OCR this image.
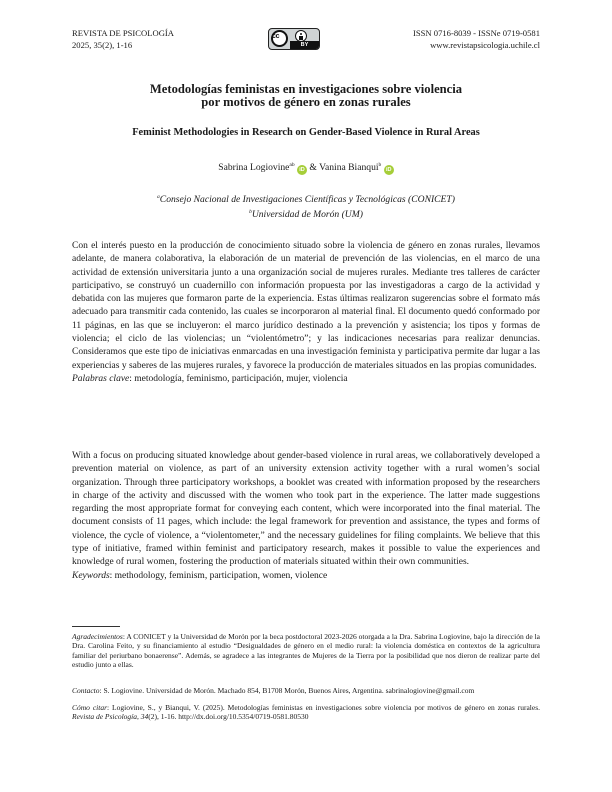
REVISTA DE PSICOLOGÍA
2025, 35(2), 1-16
cc
BY
ISSN 0716-8039 - ISSNe 0719-0581
www.revistapsicologia.uchile.cl
Metodologías feministas en investigaciones sobre violencia
por motivos de género en zonas rurales
Feminist Methodologies in Research on Gender-Based Violence in Rural Areas
Sabrina Logiovine$^{ab}$ iD & Vanina Bianqui$^b$ iD
$^a$Consejo Nacional de Investigaciones Científicas y Tecnológicas (CONICET)
$^b$Universidad de Morón (UM)

Con el interés puesto en la producción de conocimiento situado sobre la violencia de género en zonas rurales, llevamos adelante, de manera colaborativa, la elaboración de un material de prevención de las violencias, en el marco de una actividad de extensión universitaria junto a una organización social de mujeres rurales. Mediante tres talleres de carácter participativo, se construyó un cuadernillo con información propuesta por las investigadoras a cargo de la actividad y debatida con las mujeres que formaron parte de la experiencia. Estas últimas realizaron sugerencias sobre el formato más adecuado para transmitir cada contenido, las cuales se incorporaron al material final. El documento quedó conformado por 11 páginas, en las que se incluyeron: el marco jurídico destinado a la prevención y asistencia; los tipos y formas de violencia; el ciclo de las violencias; un “violentómetro”; y las indicaciones necesarias para realizar denuncias. Consideramos que este tipo de iniciativas enmarcadas en una investigación feminista y participativa permite dar lugar a las experiencias y saberes de las mujeres rurales, y favorece la producción de materiales situados en las propias comunidades.

Palabras clave: metodología, feminismo, participación, mujer, violencia

With a focus on producing situated knowledge about gender-based violence in rural areas, we collaboratively developed a prevention material on violence, as part of an university extension activity together with a rural women’s social organization. Through three participatory workshops, a booklet was created with information proposed by the researchers in charge of the activity and discussed with the women who took part in the experience. The latter made suggestions regarding the most appropriate format for conveying each content, which were incorporated into the final material. The document consists of 11 pages, which include: the legal framework for prevention and assistance, the types and forms of violence, the cycle of violence, a “violentometer,” and the necessary guidelines for filing complaints. We believe that this type of initiative, framed within feminist and participatory research, makes it possible to value the experiences and knowledge of rural women, fostering the production of materials situated within their own communities.

Keywords: methodology, feminism, participation, women, violence

Agradecimientos: A CONICET y la Universidad de Morón por la beca postdoctoral 2023-2026 otorgada a la Dra. Sabrina Logiovine, bajo la dirección de la Dra. Carolina Feito, y su financiamiento al estudio “Desigualdades de género en el medio rural: la violencia doméstica en contextos de la agricultura familiar del periurbano bonaerense”. Además, se agradece a las integrantes de Mujeres de la Tierra por la posibilidad que nos dieron de realizar parte del estudio junto a ellas.
Contacto: S. Logiovine. Universidad de Morón. Machado 854, B1708 Morón, Buenos Aires, Argentina. sabrinalogiovine@gmail.com
Cómo citar: Logiovine, S., y Bianqui, V. (2025). Metodologías feministas en investigaciones sobre violencia por motivos de género en zonas rurales. Revista de Psicología, 34(2), 1-16. http://dx.doi.org/10.5354/0719-0581.80530
